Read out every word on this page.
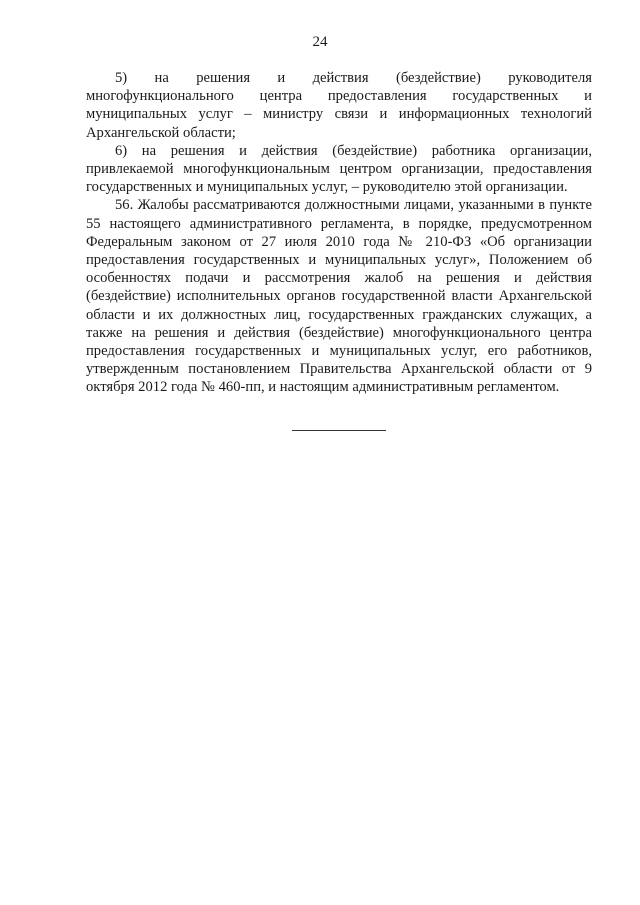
24

5) на решения и действия (бездействие) руководителя многофункционального центра предоставления государственных и муниципальных услуг – министру связи и информационных технологий Архангельской области;

6) на решения и действия (бездействие) работника организации, привлекаемой многофункциональным центром организации, предоставления государственных и муниципальных услуг, – руководителю этой организации.

56. Жалобы рассматриваются должностными лицами, указанными в пункте 55 настоящего административного регламента, в порядке, предусмотренном Федеральным законом от 27 июля 2010 года № 210-ФЗ «Об организации предоставления государственных и муниципальных услуг», Положением об особенностях подачи и рассмотрения жалоб на решения и действия (бездействие) исполнительных органов государственной власти Архангельской области и их должностных лиц, государственных гражданских служащих, а также на решения и действия (бездействие) многофункционального центра предоставления государственных и муниципальных услуг, его работников, утвержденным постановлением Правительства Архангельской области от 9 октября 2012 года № 460-пп, и настоящим административным регламентом.
